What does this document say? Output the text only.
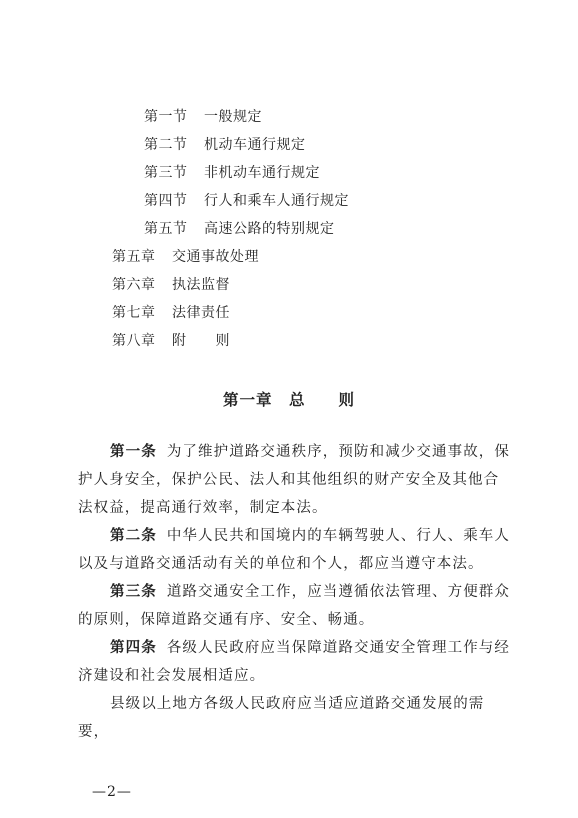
第一节 一般规定
第二节 机动车通行规定
第三节 非机动车通行规定
第四节 行人和乘车人通行规定
第五节 高速公路的特别规定
第五章 交通事故处理
第六章 执法监督
第七章 法律责任
第八章 附　　则
第一章　总　　则
第一条 为了维护道路交通秩序，预防和减少交通事故，保护人身安全，保护公民、法人和其他组织的财产安全及其他合法权益，提高通行效率，制定本法。
第二条 中华人民共和国境内的车辆驾驶人、行人、乘车人以及与道路交通活动有关的单位和个人，都应当遵守本法。
第三条 道路交通安全工作，应当遵循依法管理、方便群众的原则，保障道路交通有序、安全、畅通。
第四条 各级人民政府应当保障道路交通安全管理工作与经济建设和社会发展相适应。
县级以上地方各级人民政府应当适应道路交通发展的需要，
—2—
